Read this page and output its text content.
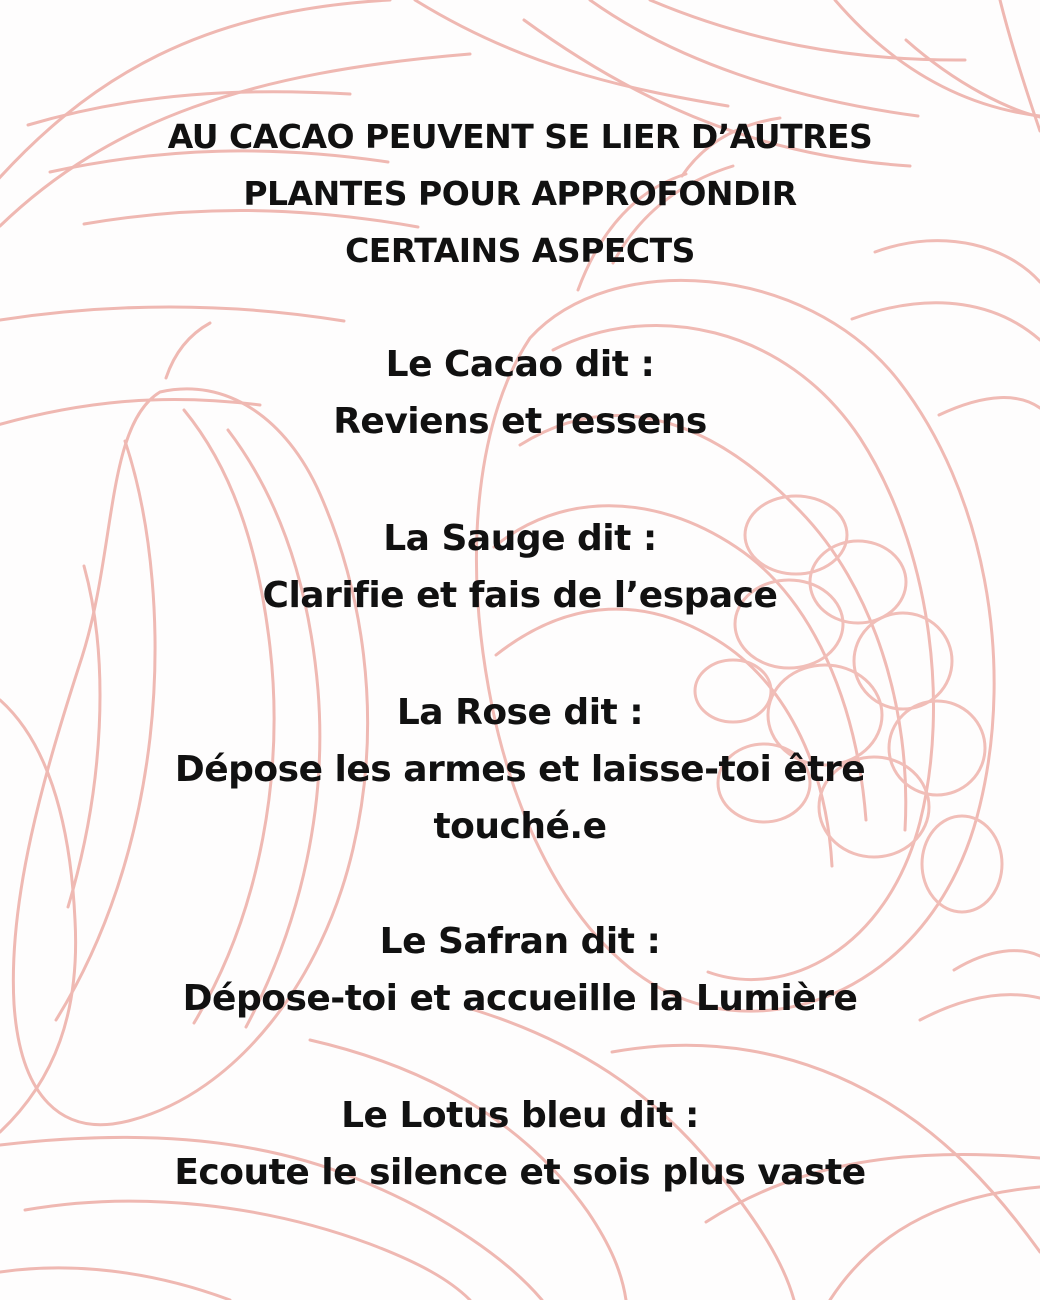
AU CACAO PEUVENT SE LIER D’AUTRES
PLANTES POUR APPROFONDIR
CERTAINS ASPECTS
Le Cacao dit :
Reviens et ressens
La Sauge dit :
Clarifie et fais de l’espace
La Rose dit :
Dépose les armes et laisse-toi être
touché.e
Le Safran dit :
Dépose-toi et accueille la Lumière
Le Lotus bleu dit :
Ecoute le silence et sois plus vaste
